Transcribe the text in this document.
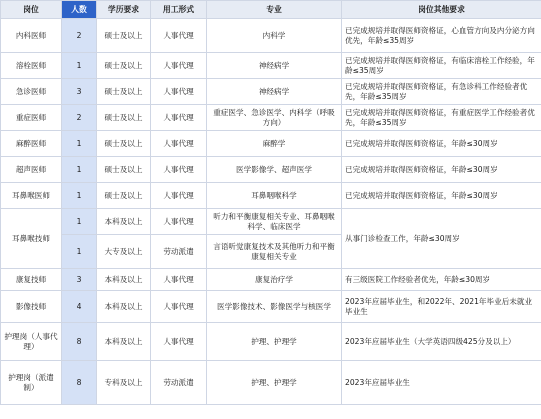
岗位	人数	学历要求	用工形式	专业	岗位其他要求
内科医师	2	硕士及以上	人事代理	内科学	已完成规培并取得医师资格证，心血管方向及内分泌方向优先，年龄≤35周岁
溶栓医师	1	硕士及以上	人事代理	神经病学	已完成规培并取得医师资格证，有临床溶栓工作经验，年龄≤35周岁
急诊医师	3	硕士及以上	人事代理	神经病学	已完成规培并取得医师资格证，有急诊科工作经验者优先，年龄≤35周岁
重症医师	2	硕士及以上	人事代理	重症医学、急诊医学、内科学（呼吸方向）	已完成规培并取得医师资格证，有重症医学工作经验者优先，年龄≤35周岁
麻醉医师	1	硕士及以上	人事代理	麻醉学	已完成规培并取得医师资格证，年龄≤30周岁
超声医师	1	硕士及以上	人事代理	医学影像学、超声医学	已完成规培并取得医师资格证，年龄≤30周岁
耳鼻喉医师	1	硕士及以上	人事代理	耳鼻咽喉科学	已完成规培并取得医师资格证，年龄≤30周岁
耳鼻喉技师	1	本科及以上	人事代理	听力和平衡康复相关专业、耳鼻咽喉科学、临床医学	从事门诊检查工作，年龄≤30周岁
	1	大专及以上	劳动派遣	言语听觉康复技术及其他听力和平衡康复相关专业	
康复技师	3	本科及以上	人事代理	康复治疗学	有三级医院工作经验者优先，年龄≤30周岁
影像技师	4	本科及以上	人事代理	医学影像技术、影像医学与核医学	2023年应届毕业生，和2022年、2021年毕业后未就业毕业生
护理岗（人事代理）	8	本科及以上	人事代理	护理、护理学	2023年应届毕业生（大学英语四级425分及以上）
护理岗（派遣制）	8	专科及以上	劳动派遣	护理、护理学	2023年应届毕业生
